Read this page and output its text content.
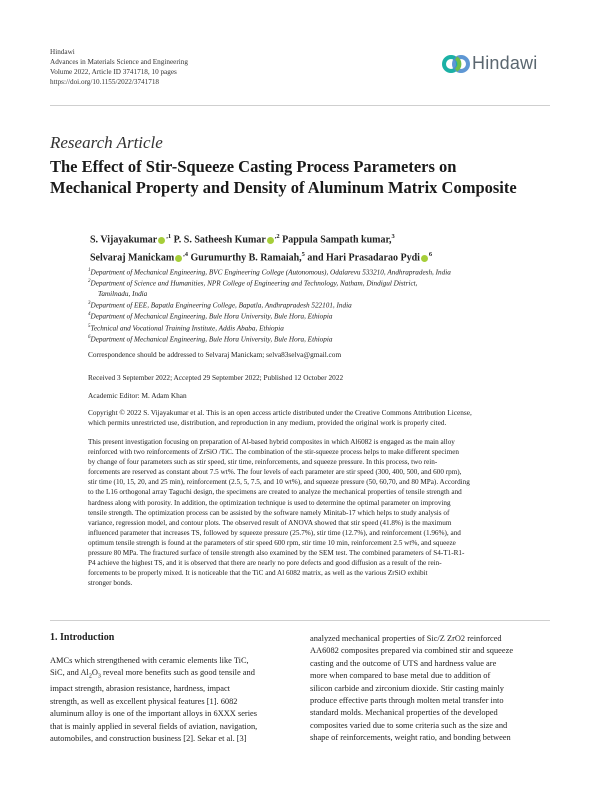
Hindawi
Advances in Materials Science and Engineering
Volume 2022, Article ID 3741718, 10 pages
https://doi.org/10.1155/2022/3741718
Hindawi
Research Article
The Effect of Stir-Squeeze Casting Process Parameters on
Mechanical Property and Density of Aluminum Matrix Composite
S. Vijayakumar $^{,1}$ P. S. Satheesh Kumar $^{,2}$ Pappula Sampath kumar,$^3$
Selvaraj Manickam $^{,4}$ Gurumurthy B. Ramaiah,$^5$ and Hari Prasadarao Pydi $^6$
$^1$Department of Mechanical Engineering, BVC Engineering College (Autonomous), Odalarevu 533210, Andhrapradesh, India
$^2$Department of Science and Humanities, NPR College of Engineering and Technology, Natham, Dindigul District,
Tamilnadu, India
$^3$Department of EEE, Bapatla Engineering College, Bapatla, Andhrapradesh 522101, India
$^4$Department of Mechanical Engineering, Bule Hora University, Bule Hora, Ethiopia
$^5$Technical and Vocational Training Institute, Addis Ababa, Ethiopia
$^6$Department of Mechanical Engineering, Bule Hora University, Bule Hora, Ethiopia
Correspondence should be addressed to Selvaraj Manickam; selva83selva@gmail.com
Received 3 September 2022; Accepted 29 September 2022; Published 12 October 2022
Academic Editor: M. Adam Khan
Copyright © 2022 S. Vijayakumar et al. This is an open access article distributed under the Creative Commons Attribution License,
which permits unrestricted use, distribution, and reproduction in any medium, provided the original work is properly cited.
This present investigation focusing on preparation of Al-based hybrid composites in which Al6082 is engaged as the main alloy
reinforced with two reinforcements of ZrSiO /TiC. The combination of the stir-squeeze process helps to make different specimen
by change of four parameters such as stir speed, stir time, reinforcements, and squeeze pressure. In this process, two rein-
forcements are reserved as constant about 7.5 wt%. The four levels of each parameter are stir speed (300, 400, 500, and 600 rpm),
stir time (10, 15, 20, and 25 min), reinforcement (2.5, 5, 7.5, and 10 wt%), and squeeze pressure (50, 60,70, and 80 MPa). According
to the L16 orthogonal array Taguchi design, the specimens are created to analyze the mechanical properties of tensile strength and
hardness along with porosity. In addition, the optimization technique is used to determine the optimal parameter on improving
tensile strength. The optimization process can be assisted by the software namely Minitab-17 which helps to study analysis of
variance, regression model, and contour plots. The observed result of ANOVA showed that stir speed (41.8%) is the maximum
influenced parameter that increases TS, followed by squeeze pressure (25.7%), stir time (12.7%), and reinforcement (1.96%), and
optimum tensile strength is found at the parameters of stir speed 600 rpm, stir time 10 min, reinforcement 2.5 wt%, and squeeze
pressure 80 MPa. The fractured surface of tensile strength also examined by the SEM test. The combined parameters of S4-T1-R1-
P4 achieve the highest TS, and it is observed that there are nearly no pore defects and good diffusion as a result of the rein-
forcements to be properly mixed. It is noticeable that the TiC and Al 6082 matrix, as well as the various ZrSiO exhibit
stronger bonds.
1. Introduction
AMCs which strengthened with ceramic elements like TiC,
SiC, and $Al_2O_3$ reveal more benefits such as good tensile and
impact strength, abrasion resistance, hardness, impact
strength, as well as excellent physical features [1]. 6082
aluminum alloy is one of the important alloys in 6XXX series
that is mainly applied in several fields of aviation, navigation,
automobiles, and construction business [2]. Sekar et al. [3]
analyzed mechanical properties of Sic/Z ZrO2 reinforced
AA6082 composites prepared via combined stir and squeeze
casting and the outcome of UTS and hardness value are
more when compared to base metal due to addition of
silicon carbide and zirconium dioxide. Stir casting mainly
produce effective parts through molten metal transfer into
standard molds. Mechanical properties of the developed
composites varied due to some criteria such as the size and
shape of reinforcements, weight ratio, and bonding between
